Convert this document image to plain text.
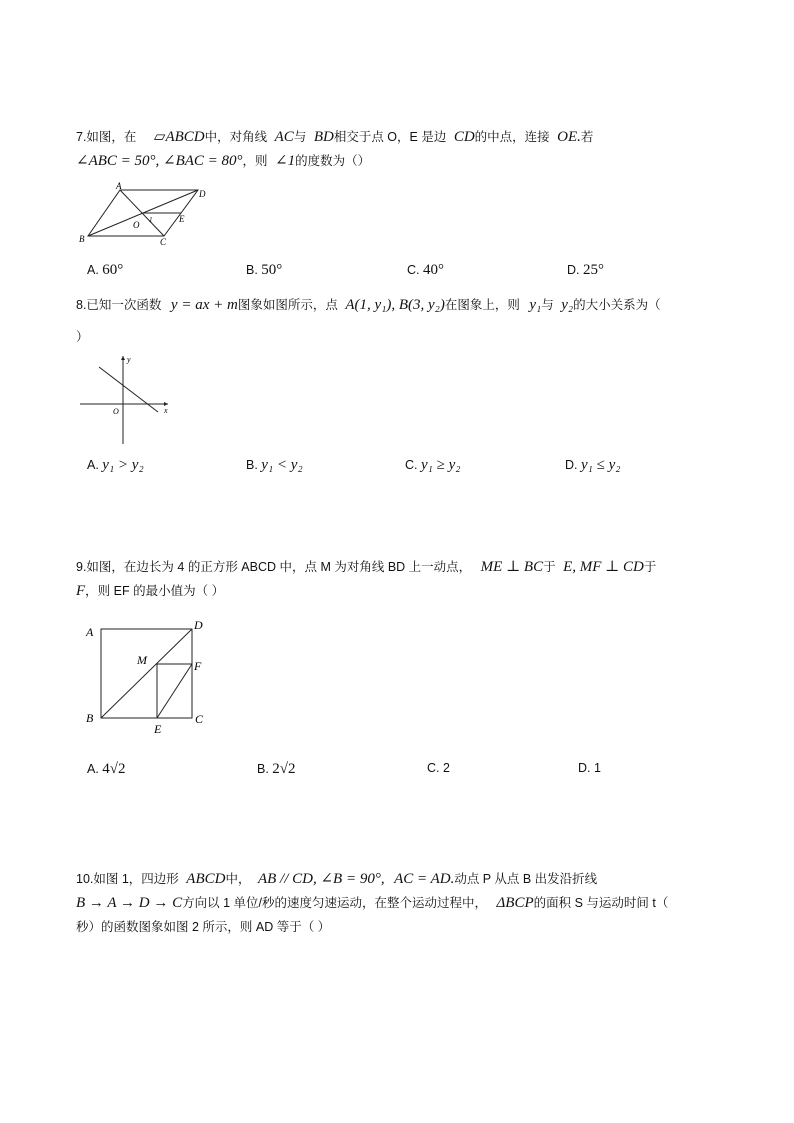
7.如图，在 ▱ABCD中，对角线 AC与 BD相交于点 O，E 是边 CD的中点，连接 OE.若
∠ABC = 50°, ∠BAC = 80°，则 ∠1的度数为（）
A
D
B	C
O
E
1
A. 60°	B. 50°	C. 40°	D. 25°
8.已知一次函数 y = ax + m图象如图所示，点 A(1, y₁), B(3, y₂)在图象上，则 y₁与 y₂的大小关系为（
）
y
x
O
A. y₁ > y₂	B. y₁ < y₂	C. y₁ ≥ y₂	D. y₁ ≤ y₂
9.如图，在边长为 4 的正方形 ABCD 中，点 M 为对角线 BD 上一动点， ME ⊥ BC于 E, MF ⊥ CD于
F，则 EF 的最小值为（ ）
A	D
B	C
M	F
E
A. 4√2	B. 2√2	C. 2	D. 1
10.如图 1，四边形 ABCD中， AB // CD, ∠B = 90°, AC = AD.动点 P 从点 B 出发沿折线
B → A → D → C方向以 1 单位/秒的速度匀速运动，在整个运动过程中， ΔBCP的面积 S 与运动时间 t（
秒）的函数图象如图 2 所示，则 AD 等于（ ）
